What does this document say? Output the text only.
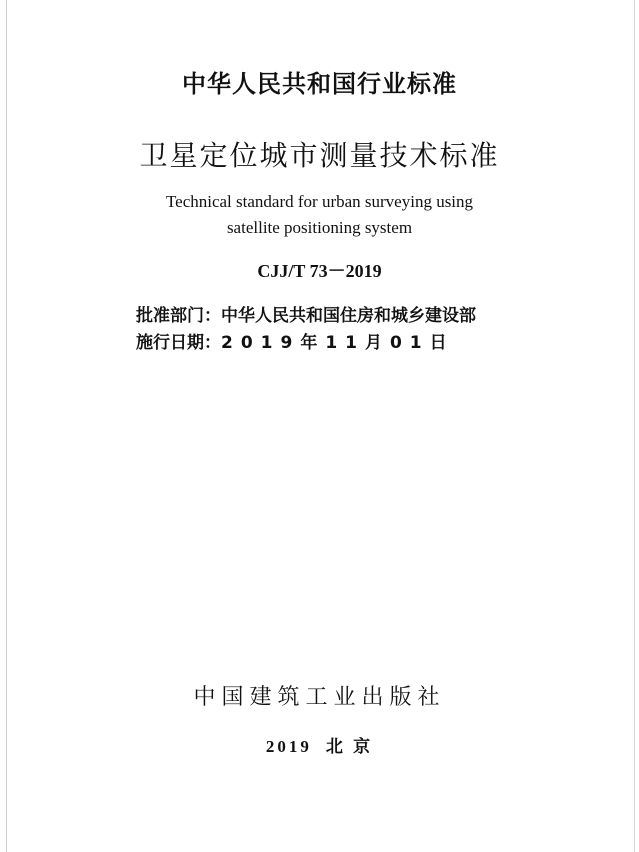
中华人民共和国行业标准
卫星定位城市测量技术标准
Technical standard for urban surveying using
satellite positioning system
CJJ/T 73－2019
批准部门：中华人民共和国住房和城乡建设部
施行日期：2019年11月01日
中国建筑工业出版社
2019 北 京
